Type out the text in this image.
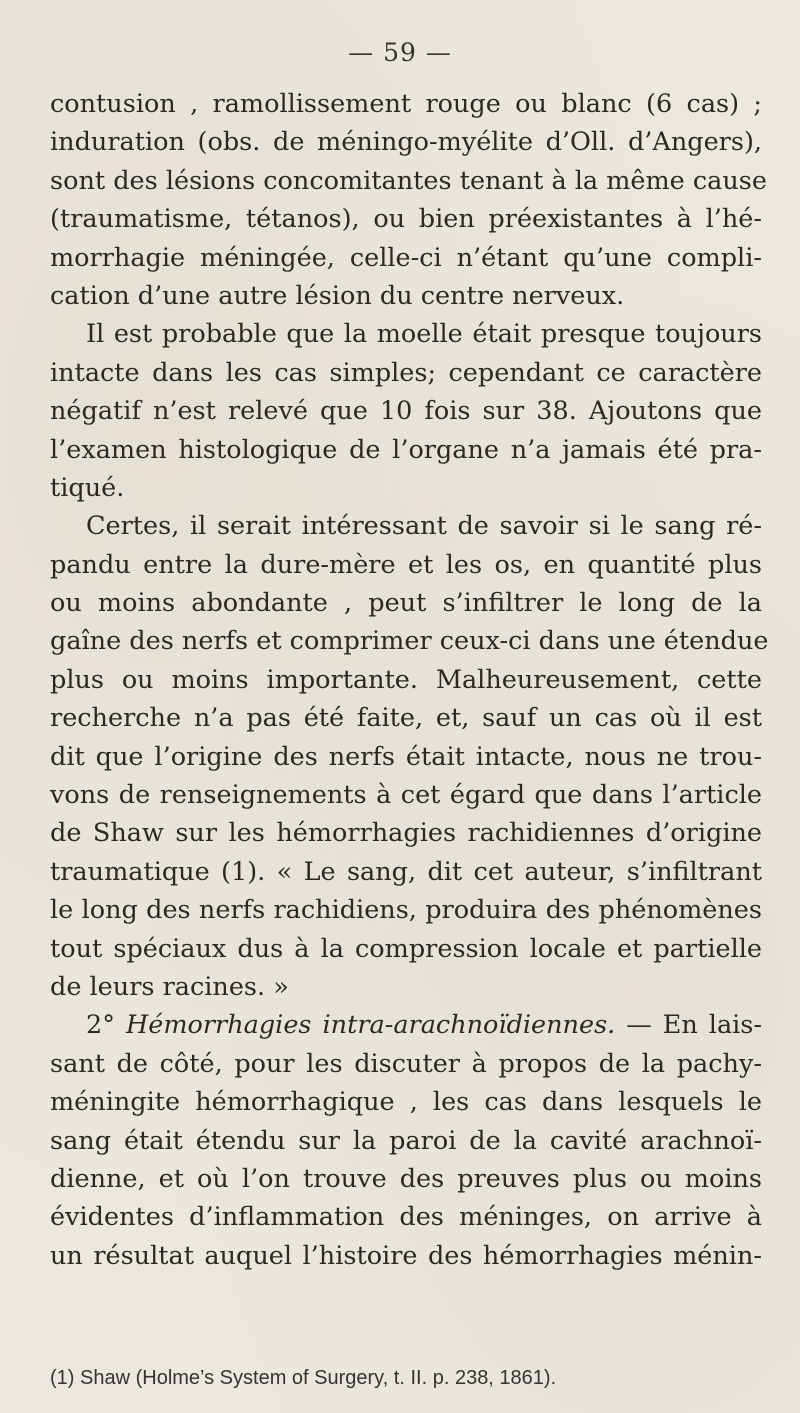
— 59 —
contusion , ramollissement rouge ou blanc (6 cas) ;
induration (obs. de méningo-myélite d’Oll. d’Angers),
sont des lésions concomitantes tenant à la même cause
(traumatisme, tétanos), ou bien préexistantes à l’hé-
morrhagie méningée, celle-ci n’étant qu’une compli-
cation d’une autre lésion du centre nerveux.
Il est probable que la moelle était presque toujours
intacte dans les cas simples; cependant ce caractère
négatif n’est relevé que 10 fois sur 38. Ajoutons que
l’examen histologique de l’organe n’a jamais été pra-
tiqué.
Certes, il serait intéressant de savoir si le sang ré-
pandu entre la dure-mère et les os, en quantité plus
ou moins abondante , peut s’infiltrer le long de la
gaîne des nerfs et comprimer ceux-ci dans une étendue
plus ou moins importante. Malheureusement, cette
recherche n’a pas été faite, et, sauf un cas où il est
dit que l’origine des nerfs était intacte, nous ne trou-
vons de renseignements à cet égard que dans l’article
de Shaw sur les hémorrhagies rachidiennes d’origine
traumatique (1). « Le sang, dit cet auteur, s’infiltrant
le long des nerfs rachidiens, produira des phénomènes
tout spéciaux dus à la compression locale et partielle
de leurs racines. »
2° Hémorrhagies intra-arachnoïdiennes. — En lais-
sant de côté, pour les discuter à propos de la pachy-
méningite hémorrhagique , les cas dans lesquels le
sang était étendu sur la paroi de la cavité arachnoï-
dienne, et où l’on trouve des preuves plus ou moins
évidentes d’inflammation des méninges, on arrive à
un résultat auquel l’histoire des hémorrhagies ménin-
(1) Shaw (Holme’s System of Surgery, t. II. p. 238, 1861).
